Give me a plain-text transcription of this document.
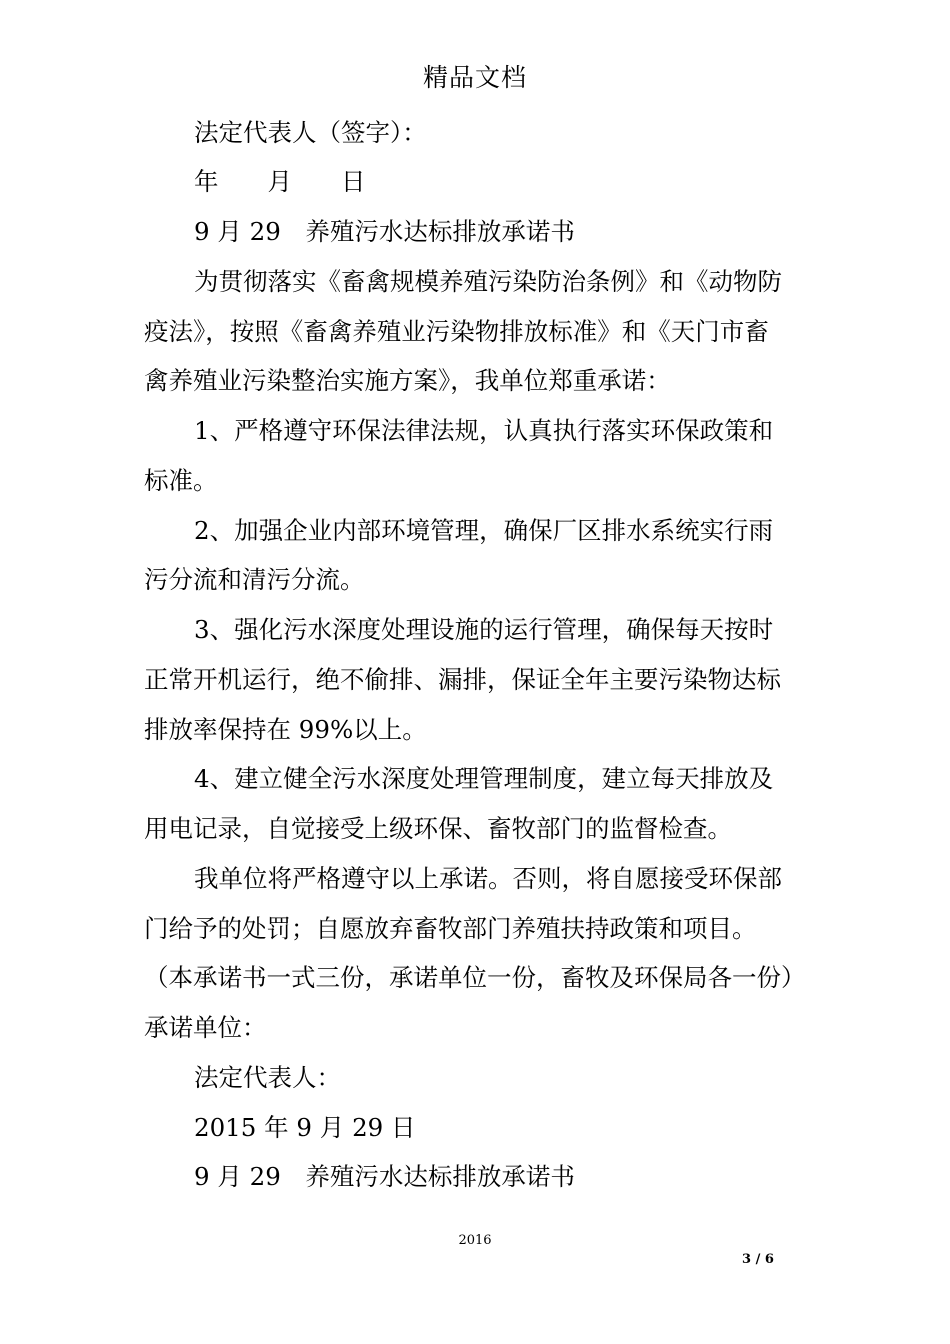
精品文档
法定代表人（签字）：
年　　月　　日
9 月 29　养殖污水达标排放承诺书
为贯彻落实《畜禽规模养殖污染防治条例》和《动物防
疫法》，按照《畜禽养殖业污染物排放标准》和《天门市畜
禽养殖业污染整治实施方案》，我单位郑重承诺：
1、严格遵守环保法律法规，认真执行落实环保政策和
标准。
2、加强企业内部环境管理，确保厂区排水系统实行雨
污分流和清污分流。
3、强化污水深度处理设施的运行管理，确保每天按时
正常开机运行，绝不偷排、漏排，保证全年主要污染物达标
排放率保持在 99%以上。
4、建立健全污水深度处理管理制度，建立每天排放及
用电记录，自觉接受上级环保、畜牧部门的监督检查。
我单位将严格遵守以上承诺。否则，将自愿接受环保部
门给予的处罚；自愿放弃畜牧部门养殖扶持政策和项目。
（本承诺书一式三份，承诺单位一份，畜牧及环保局各一份）
承诺单位：
法定代表人：
2015 年 9 月 29 日
9 月 29　养殖污水达标排放承诺书
2016
3 / 6
